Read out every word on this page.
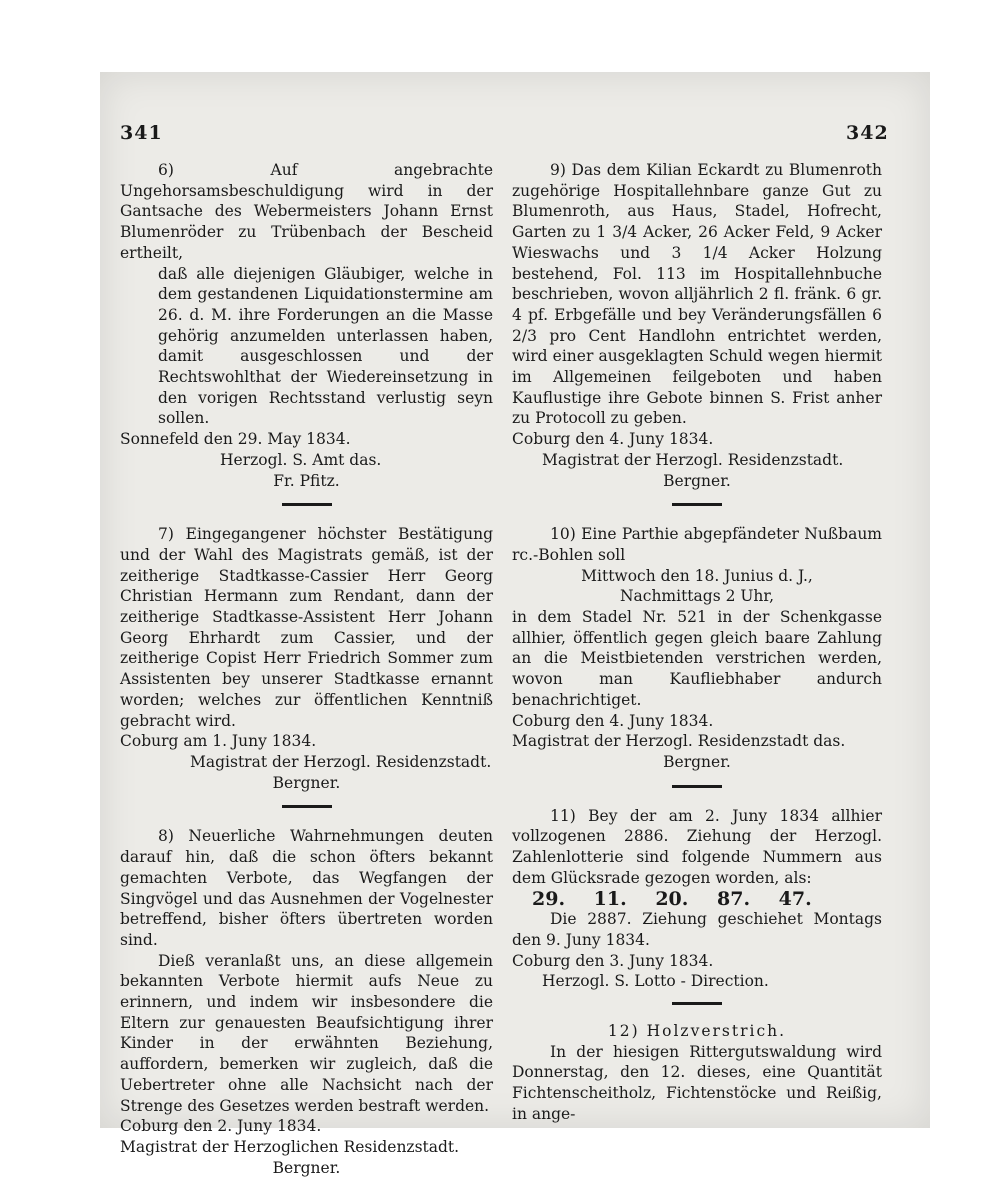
341	342

6) Auf angebrachte Ungehorsamsbeschuldigung wird in der Gantsache des Webermeisters Johann Ernst Blumenröder zu Trübenbach der Bescheid ertheilt,

daß alle diejenigen Gläubiger, welche in dem gestandenen Liquidationstermine am 26. d. M. ihre Forderungen an die Masse gehörig anzumelden unterlassen haben, damit ausgeschlossen und der Rechtswohlthat der Wiedereinsetzung in den vorigen Rechtsstand verlustig seyn sollen.

Sonnefeld den 29. May 1834.

Herzogl. S. Amt das.

Fr. Pfitz.

7) Eingegangener höchster Bestätigung und der Wahl des Magistrats gemäß, ist der zeitherige Stadtkasse-Cassier Herr Georg Christian Hermann zum Rendant, dann der zeitherige Stadtkasse-Assistent Herr Johann Georg Ehrhardt zum Cassier, und der zeitherige Copist Herr Friedrich Sommer zum Assistenten bey unserer Stadtkasse ernannt worden; welches zur öffentlichen Kenntniß gebracht wird.

Coburg am 1. Juny 1834.

Magistrat der Herzogl. Residenzstadt.

Bergner.

8) Neuerliche Wahrnehmungen deuten darauf hin, daß die schon öfters bekannt gemachten Verbote, das Wegfangen der Singvögel und das Ausnehmen der Vogelnester betreffend, bisher öfters übertreten worden sind.

Dieß veranlaßt uns, an diese allgemein bekannten Verbote hiermit aufs Neue zu erinnern, und indem wir insbesondere die Eltern zur genauesten Beaufsichtigung ihrer Kinder in der erwähnten Beziehung, auffordern, bemerken wir zugleich, daß die Uebertreter ohne alle Nachsicht nach der Strenge des Gesetzes werden bestraft werden.

Coburg den 2. Juny 1834.

Magistrat der Herzoglichen Residenzstadt.

Bergner.

9) Das dem Kilian Eckardt zu Blumenroth zugehörige Hospitallehnbare ganze Gut zu Blumenroth, aus Haus, Stadel, Hofrecht, Garten zu 1 3/4 Acker, 26 Acker Feld, 9 Acker Wieswachs und 3 1/4 Acker Holzung bestehend, Fol. 113 im Hospitallehnbuche beschrieben, wovon alljährlich 2 fl. fränk. 6 gr. 4 pf. Erbgefälle und bey Veränderungsfällen 6 2/3 pro Cent Handlohn entrichtet werden, wird einer ausgeklagten Schuld wegen hiermit im Allgemeinen feilgeboten und haben Kauflustige ihre Gebote binnen S. Frist anher zu Protocoll zu geben.

Coburg den 4. Juny 1834.

Magistrat der Herzogl. Residenzstadt.

Bergner.

10) Eine Parthie abgepfändeter Nußbaum rc.-Bohlen soll

Mittwoch den 18. Junius d. J.,

Nachmittags 2 Uhr,

in dem Stadel Nr. 521 in der Schenkgasse allhier, öffentlich gegen gleich baare Zahlung an die Meistbietenden verstrichen werden, wovon man Kaufliebhaber andurch benachrichtiget.

Coburg den 4. Juny 1834.

Magistrat der Herzogl. Residenzstadt das.

Bergner.

11) Bey der am 2. Juny 1834 allhier vollzogenen 2886. Ziehung der Herzogl. Zahlenlotterie sind folgende Nummern aus dem Glücksrade gezogen worden, als:

29. 11. 20. 87. 47.

Die 2887. Ziehung geschiehet Montags den 9. Juny 1834.

Coburg den 3. Juny 1834.

Herzogl. S. Lotto - Direction.

12) Holzverstrich.

In der hiesigen Rittergutswaldung wird Donnerstag, den 12. dieses, eine Quantität Fichtenscheitholz, Fichtenstöcke und Reißig, in ange-
